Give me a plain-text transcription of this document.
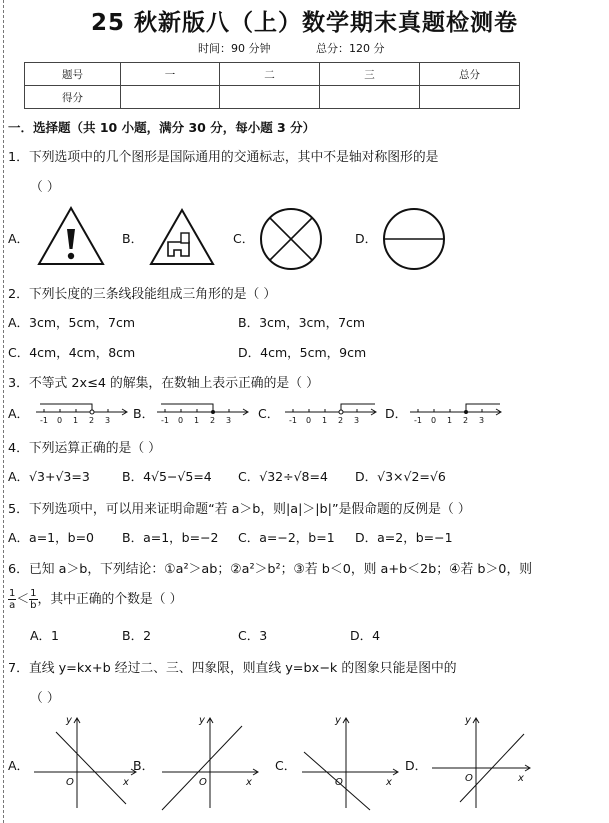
25 秋新版八（上）数学期末真题检测卷
时间：90 分钟	总分：120 分
题号	一	二	三	总分
得分				
一．选择题（共 10 小题，满分 30 分，每小题 3 分）
1．下列选项中的几个图形是国际通用的交通标志，其中不是轴对称图形的是
（ ）
A．	B．	C．	D．
2．下列长度的三条线段能组成三角形的是（ ）
A．3cm，5cm，7cm	B．3cm，3cm，7cm
C．4cm，4cm，8cm	D．4cm，5cm，9cm
3．不等式 2x≤4 的解集，在数轴上表示正确的是（ ）
A． -1 0 1 2 3 B． -1 0 1 2 3 C． -1 0 1 2 3 D． -1 0 1 2 3
4．下列运算正确的是（ ）
A．√3+√3=3	B．4√5−√5=4 C．√32÷√8=4 D．√3×√2=√6
5．下列选项中，可以用来证明命题“若 a＞b，则|a|＞|b|”是假命题的反例是（ ）
A．a=1，b=0 B．a=1，b=−2 C．a=−2，b=1 D．a=2，b=−1
6．已知 a＞b，下列结论：①a²＞ab；②a²＞b²；③若 b＜0，则 a+b＜2b；④若 b＞0，则
$\frac{1}{a} < \frac{1}{b}$ ，其中正确的个数是（ ）
A．1	B．2	C．3	D．4
7．直线 y=kx+b 经过二、三、四象限，则直线 y=bx−k 的图象只能是图中的
（ ）
A．
y
x
O
B．
y
x
O
C．
y
x
O
D．
y
x
O
